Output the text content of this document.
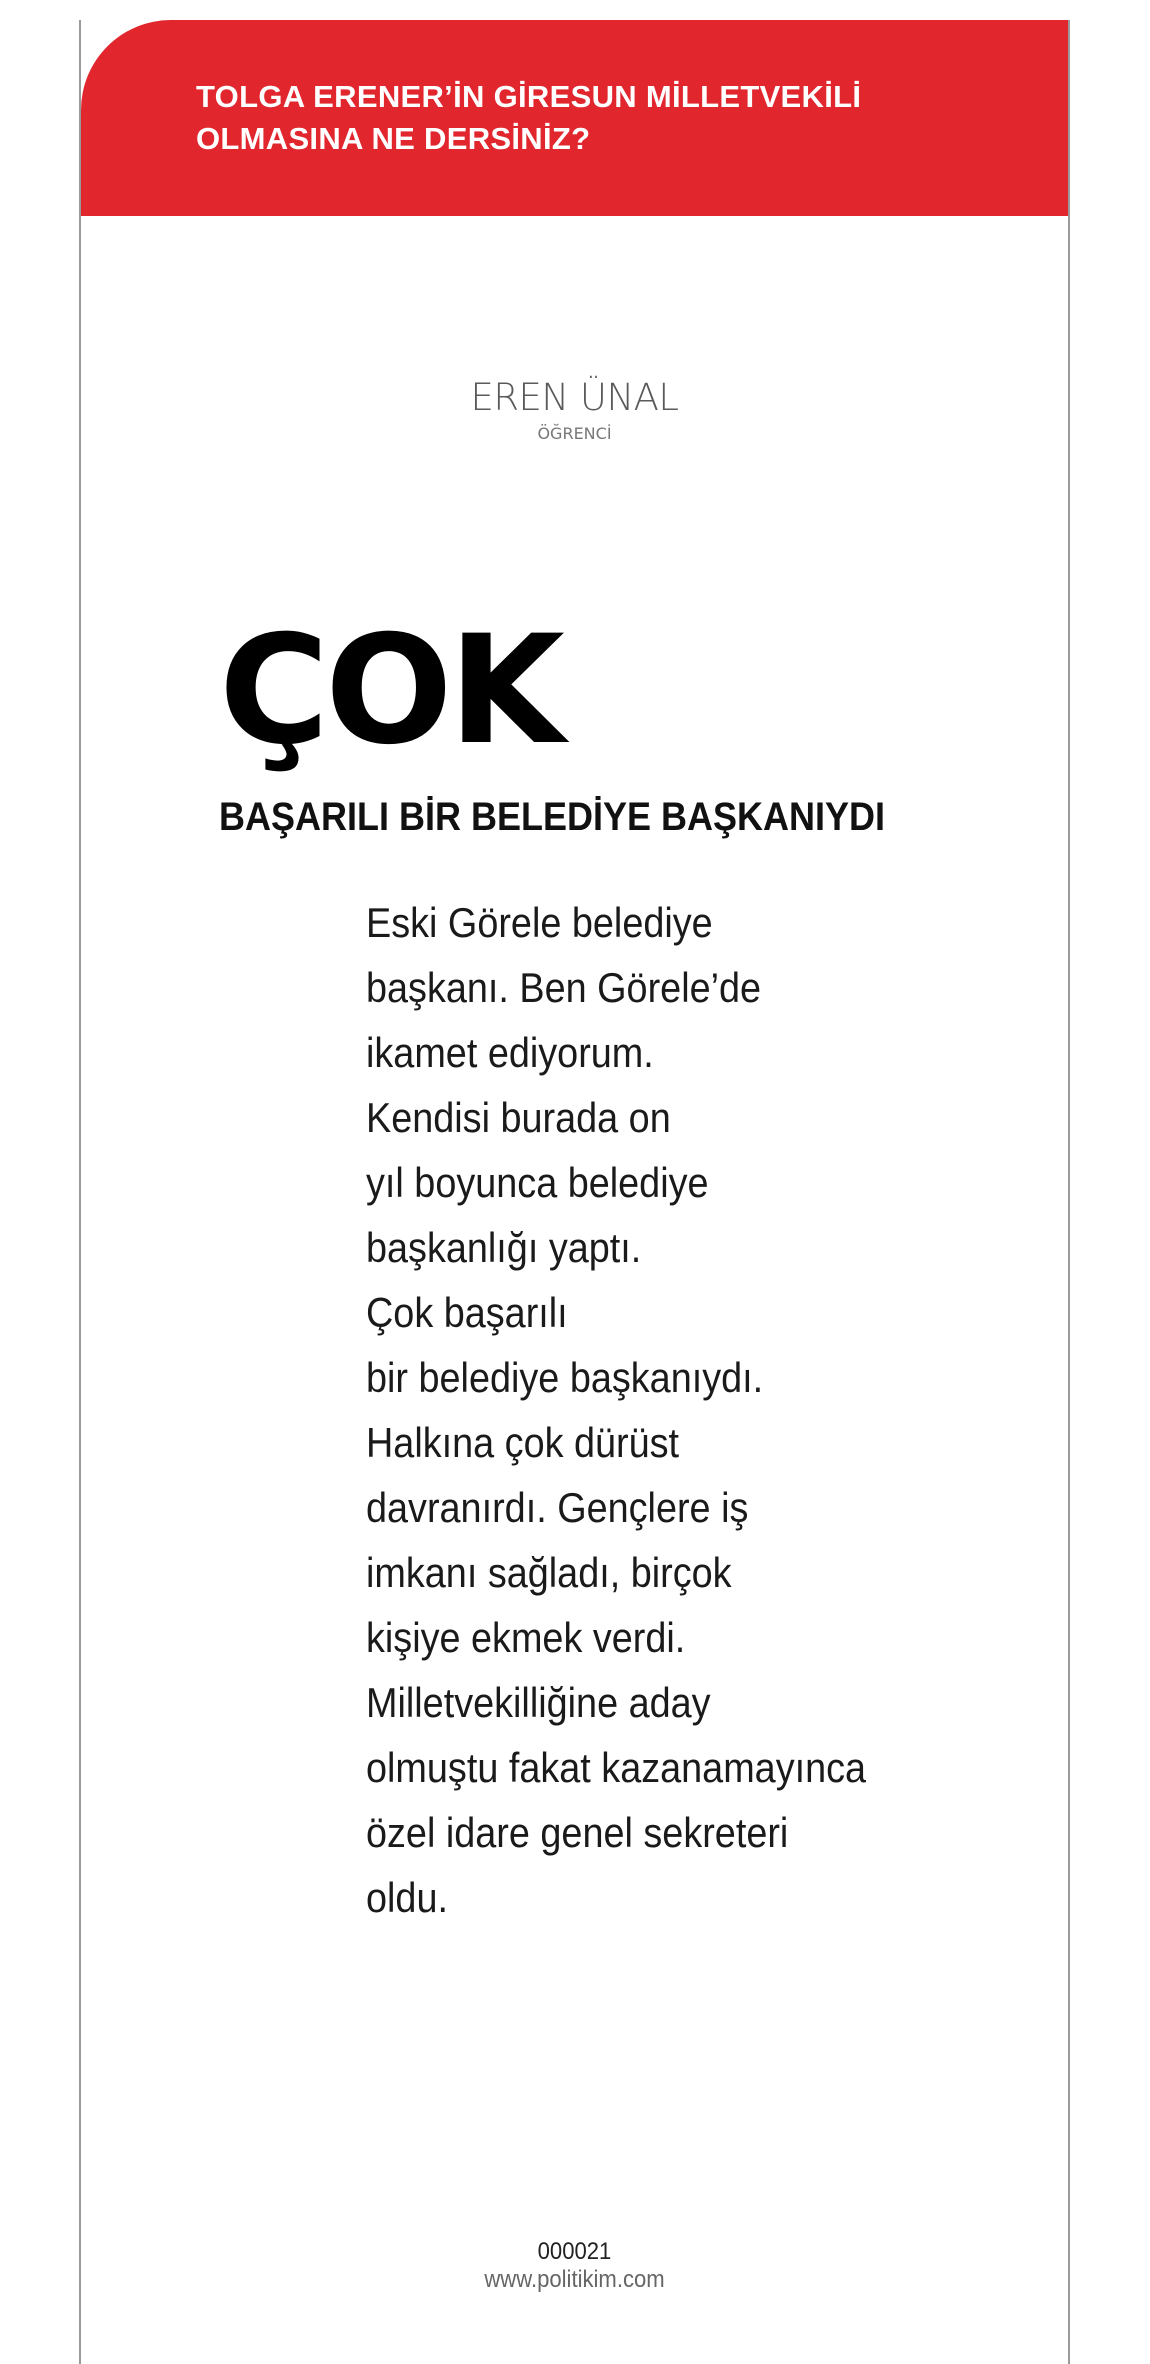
TOLGA ERENER’İN GİRESUN MİLLETVEKİLİ
OLMASINA NE DERSİNİZ?
EREN ÜNAL
ÖĞRENCİ
ÇOK
BAŞARILI BİR BELEDİYE BAŞKANIYDI

Eski Görele belediye
başkanı. Ben Görele’de
ikamet ediyorum.
Kendisi burada on
yıl boyunca belediye
başkanlığı yaptı.
Çok başarılı
bir belediye başkanıydı.
Halkına çok dürüst
davranırdı. Gençlere iş
imkanı sağladı, birçok
kişiye ekmek verdi.
Milletvekilliğine aday
olmuştu fakat kazanamayınca
özel idare genel sekreteri
oldu.

000021
www.politikim.com
